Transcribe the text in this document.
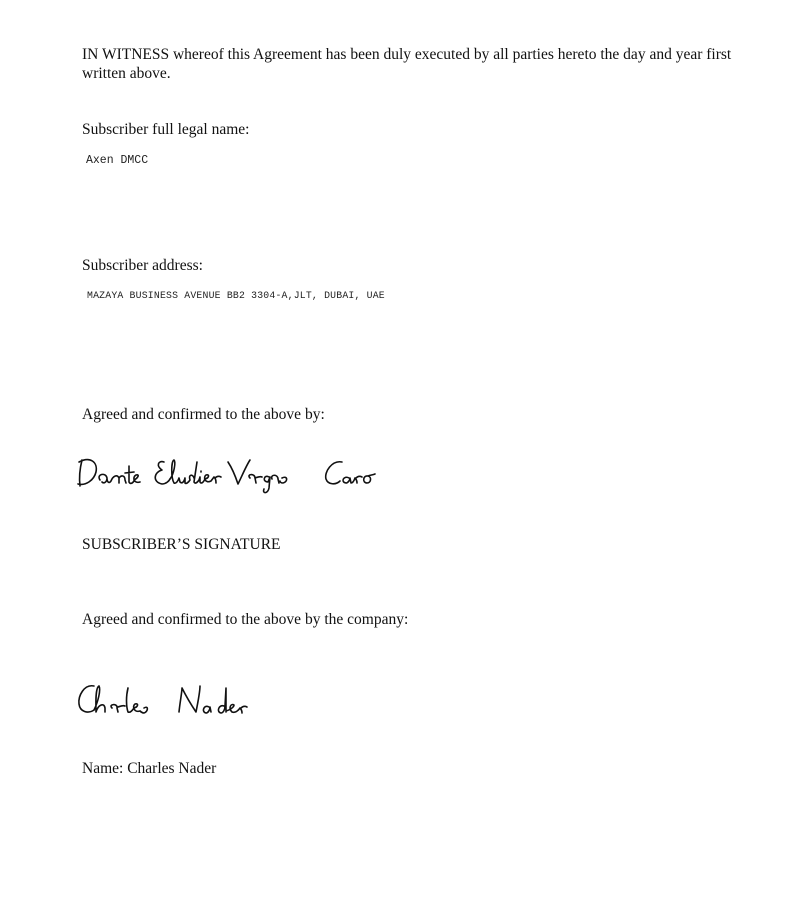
IN WITNESS whereof this Agreement has been duly executed by all parties hereto the day and year first written above.

Subscriber full legal name:

Axen DMCC

Subscriber address:

MAZAYA BUSINESS AVENUE BB2 3304-A,JLT, DUBAI, UAE

Agreed and confirmed to the above by:

SUBSCRIBER’S SIGNATURE

Agreed and confirmed to the above by the company:

Name: Charles Nader
